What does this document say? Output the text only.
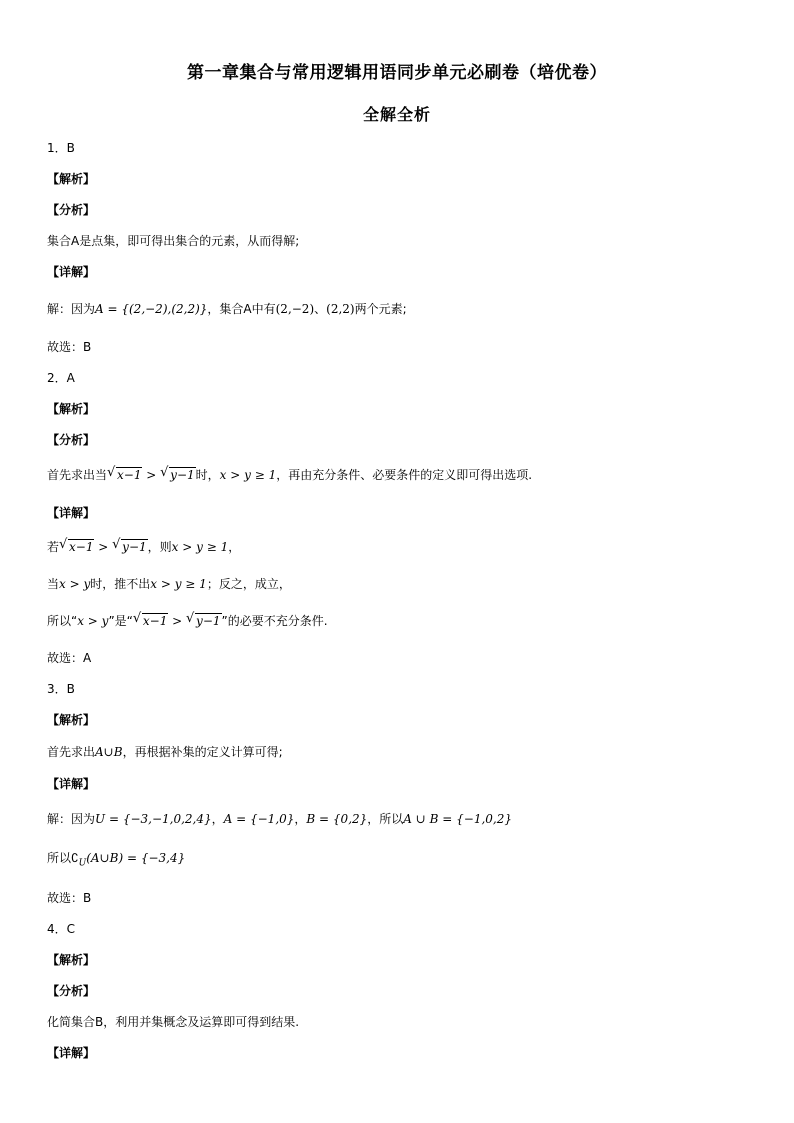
第一章集合与常用逻辑用语同步单元必刷卷（培优卷）
全解全析
1．B
【解析】
【分析】
集合A是点集，即可得出集合的元素，从而得解;
【详解】
解：因为A = {(2,−2),(2,2)}，集合A中有(2,−2)、(2,2)两个元素;
故选：B
2．A
【解析】
【分析】
首先求出当 √ x−1 > √ y−1时，x > y ≥ 1，再由充分条件、必要条件的定义即可得出选项.
【详解】
若 √ x−1 > √ y−1，则x > y ≥ 1，
当x > y时，推不出x > y ≥ 1；反之，成立，
所以“x > y”是“ √ x−1 > √ y−1”的必要不充分条件.
故选：A
3．B
【解析】
首先求出A∪B，再根据补集的定义计算可得;
【详解】
解：因为U = {−3,−1,0,2,4}，A = {−1,0}，B = {0,2}，所以A ∪ B = {−1,0,2}
所以$∁_U(A\cup B) = \{-3,4\}$
故选：B
4．C
【解析】
【分析】
化简集合B，利用并集概念及运算即可得到结果.
【详解】
